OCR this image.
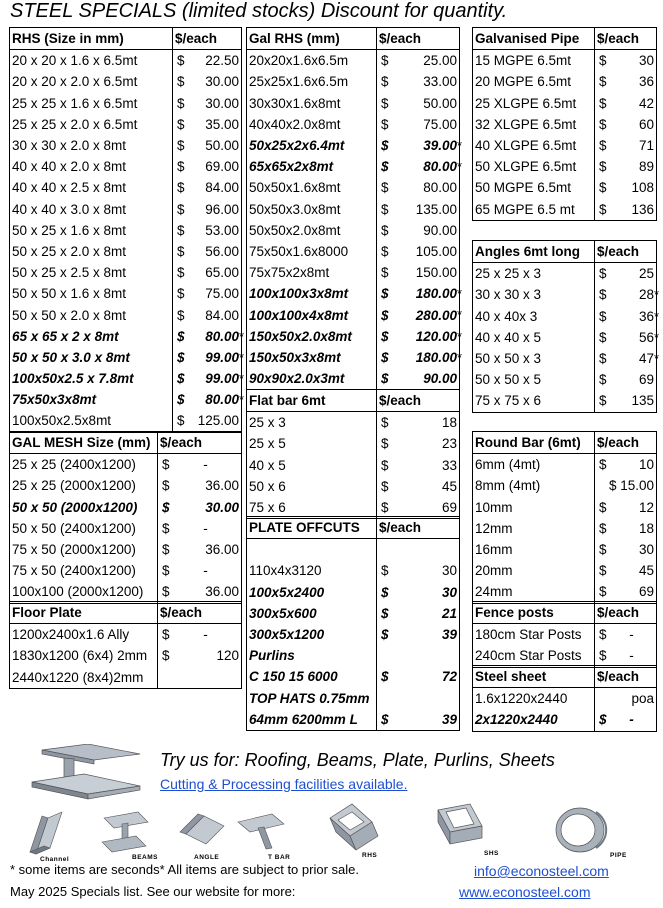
STEEL SPECIALS (limited stocks) Discount for quantity.
RHS (Size in mm)	$/each
20 x 20 x 1.6 x 6.5mt	$ 22.50

20 x 20 x 2.0 x 6.5mt	$ 30.00

25 x 25 x 1.6 x 6.5mt	$ 30.00

25 x 25 x 2.0 x 6.5mt	$ 35.00

30 x 30 x 2.0 x 8mt	$ 50.00

40 x 40 x 2.0 x 8mt	$ 69.00

40 x 40 x 2.5 x 8mt	$ 84.00

40 x 40 x 3.0 x 8mt	$ 96.00

50 x 25 x 1.6 x 8mt	$ 53.00

50 x 25 x 2.0 x 8mt	$ 56.00

50 x 25 x 2.5 x 8mt	$ 65.00

50 x 50 x 1.6 x 8mt	$ 75.00

50 x 50 x 2.0 x 8mt	$ 84.00

65 x 65 x 2 x 8mt	$ 80.00

50 x 50 x 3.0 x 8mt	$ 99.00

100x50x2.5 x 7.8mt	$ 99.00

75x50x3x8mt	$ 80.00

100x50x2.5x8mt	$ 125.00
GAL MESH Size (mm)	$/each
25 x 25 (2400x1200)	$ -

25 x 25 (2000x1200)	$ 36.00

50 x 50 (2000x1200)	$ 30.00

50 x 50 (2400x1200)	$ -

75 x 50 (2000x1200)	$ 36.00

75 x 50 (2400x1200)	$ -

100x100 (2000x1200)	$ 36.00
Floor Plate	$/each
1200x2400x1.6 Ally	$ -

1830x1200 (6x4) 2mm	$ 120

2440x1220 (8x4)2mm	
Gal RHS (mm)	$/each
20x20x1.6x6.5m	$ 25.00

25x25x1.6x6.5m	$ 33.00

30x30x1.6x8mt	$ 50.00

40x40x2.0x8mt	$ 75.00

50x25x2x6.4mt	$ 39.00

65x65x2x8mt	$ 80.00

50x50x1.6x8mt	$ 80.00

50x50x3.0x8mt	$ 135.00

50x50x2.0x8mt	$ 90.00

75x50x1.6x8000	$ 105.00

75x75x2x8mt	$ 150.00

100x100x3x8mt	$ 180.00

100x100x4x8mt	$ 280.00

150x50x2.0x8mt	$ 120.00

150x50x3x8mt	$ 180.00

90x90x2.0x3mt	$ 90.00
Flat bar 6mt	$/each
25 x 3	$ 18

25 x 5	$ 23

40 x 5	$ 33

50 x 6	$ 45

75 x 6	$ 69
PLATE OFFCUTS	$/each

110x4x3120	$ 30

100x5x2400	$ 30

300x5x600	$ 21

300x5x1200	$ 39

Purlins	

C 150 15 6000	$ 72

TOP HATS 0.75mm	

64mm 6200mm L	$ 39
Galvanised Pipe	$/each
15 MGPE 6.5mt	$ 30

20 MGPE 6.5mt	$ 36

25 XLGPE 6.5mt	$ 42

32 XLGPE 6.5mt	$ 60

40 XLGPE 6.5mt	$ 71

50 XLGPE 6.5mt	$ 89

50 MGPE 6.5mt	$ 108

65 MGPE 6.5 mt	$ 136
Angles 6mt long	$/each
25 x 25 x 3	$ 25

30 x 30 x 3	$ 28

40 x 40x 3	$ 36

40 x 40 x 5	$ 56

50 x 50 x 3	$ 47

50 x 50 x 5	$ 69

75 x 75 x 6	$ 135
Round Bar (6mt)	$/each
6mm (4mt)	$ 10

8mm (4mt)	$ 15.00

10mm	$ 12

12mm	$ 18

16mm	$ 30

20mm	$ 45

24mm	$ 69
Fence posts	$/each
180cm Star Posts	$ -

240cm Star Posts	$ -
Steel sheet	$/each
1.6x1220x2440	poa

2x1220x2440	$ -
Channel	BEAMS	ANGLE	T BAR	RHS	SHS	PIPE
Try us for: Roofing, Beams, Plate, Purlins, Sheets
Cutting & Processing facilities available.
* some items are seconds* All items are subject to prior sale.
May 2025 Specials list. See our website for more:
info@econosteel.com
www.econosteel.com
*
*
*
*
*
*
*
*
*
*
*
*
*
*
